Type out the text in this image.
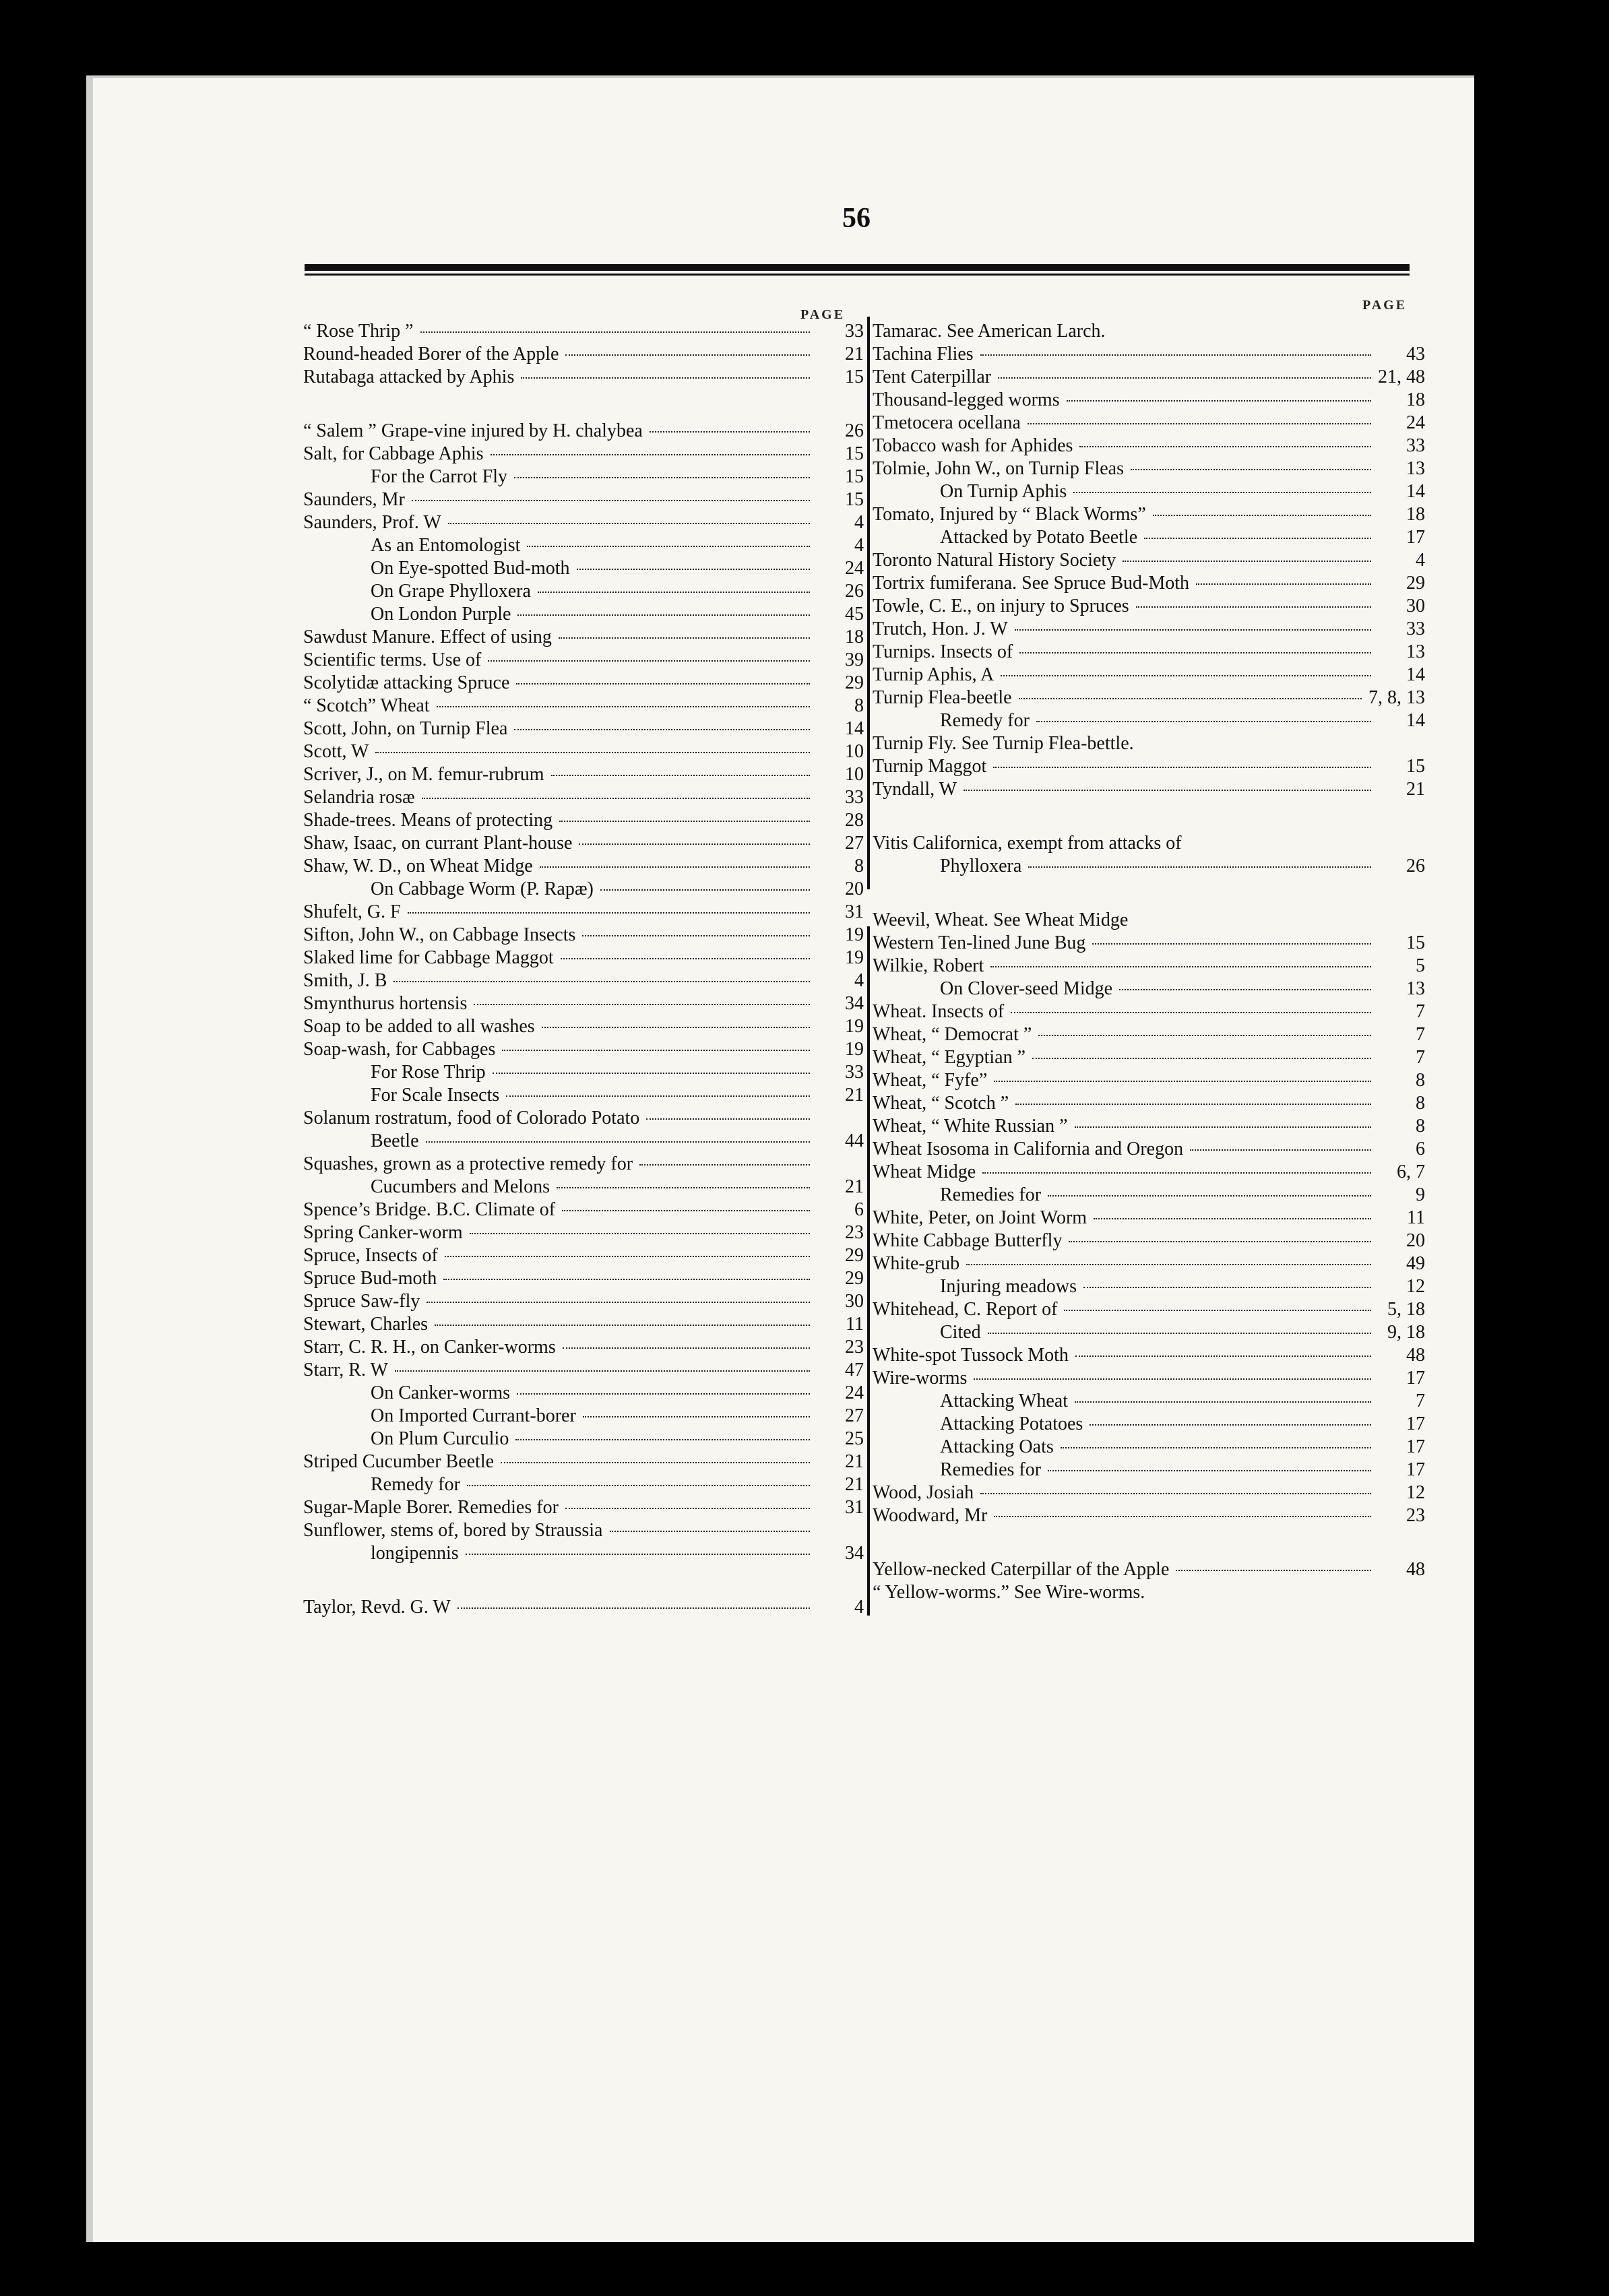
56
PAGE
PAGE
“ Rose Thrip ”	33
Round-headed Borer of the Apple	21
Rutabaga attacked by Aphis	15
“ Salem ” Grape-vine injured by H. chalybea	26
Salt, for Cabbage Aphis	15
For the Carrot Fly	15
Saunders, Mr	15
Saunders, Prof. W	4
As an Entomologist	4
On Eye-spotted Bud-moth	24
On Grape Phylloxera	26
On London Purple	45
Sawdust Manure. Effect of using	18
Scientific terms. Use of	39
Scolytidæ attacking Spruce	29
“ Scotch” Wheat	8
Scott, John, on Turnip Flea	14
Scott, W	10
Scriver, J., on M. femur-rubrum	10
Selandria rosæ	33
Shade-trees. Means of protecting	28
Shaw, Isaac, on currant Plant-house	27
Shaw, W. D., on Wheat Midge	8
On Cabbage Worm (P. Rapæ)	20
Shufelt, G. F	31
Sifton, John W., on Cabbage Insects	19
Slaked lime for Cabbage Maggot	19
Smith, J. B	4
Smynthurus hortensis	34
Soap to be added to all washes	19
Soap-wash, for Cabbages	19
For Rose Thrip	33
For Scale Insects	21
Solanum rostratum, food of Colorado Potato
Beetle	44
Squashes, grown as a protective remedy for
Cucumbers and Melons	21
Spence’s Bridge. B.C. Climate of	6
Spring Canker-worm	23
Spruce, Insects of	29
Spruce Bud-moth	29
Spruce Saw-fly	30
Stewart, Charles	11
Starr, C. R. H., on Canker-worms	23
Starr, R. W	47
On Canker-worms	24
On Imported Currant-borer	27
On Plum Curculio	25
Striped Cucumber Beetle	21
Remedy for	21
Sugar-Maple Borer. Remedies for	31
Sunflower, stems of, bored by Straussia
longipennis	34
Taylor, Revd. G. W	4
Tamarac. See American Larch.
Tachina Flies	43
Tent Caterpillar	21, 48
Thousand-legged worms	18
Tmetocera ocellana	24
Tobacco wash for Aphides	33
Tolmie, John W., on Turnip Fleas	13
On Turnip Aphis	14
Tomato, Injured by “ Black Worms”	18
Attacked by Potato Beetle	17
Toronto Natural History Society	4
Tortrix fumiferana. See Spruce Bud-Moth	29
Towle, C. E., on injury to Spruces	30
Trutch, Hon. J. W	33
Turnips. Insects of	13
Turnip Aphis, A	14
Turnip Flea-beetle	7, 8, 13
Remedy for	14
Turnip Fly. See Turnip Flea-bettle.
Turnip Maggot	15
Tyndall, W	21
Vitis Californica, exempt from attacks of
Phylloxera	26
Weevil, Wheat. See Wheat Midge
Western Ten-lined June Bug	15
Wilkie, Robert	5
On Clover-seed Midge	13
Wheat. Insects of	7
Wheat, “ Democrat ”	7
Wheat, “ Egyptian ”	7
Wheat, “ Fyfe”	8
Wheat, “ Scotch ”	8
Wheat, “ White Russian ”	8
Wheat Isosoma in California and Oregon	6
Wheat Midge	6, 7
Remedies for	9
White, Peter, on Joint Worm	11
White Cabbage Butterfly	20
White-grub	49
Injuring meadows	12
Whitehead, C. Report of	5, 18
Cited	9, 18
White-spot Tussock Moth	48
Wire-worms	17
Attacking Wheat	7
Attacking Potatoes	17
Attacking Oats	17
Remedies for	17
Wood, Josiah	12
Woodward, Mr	23
Yellow-necked Caterpillar of the Apple	48
“ Yellow-worms.” See Wire-worms.
